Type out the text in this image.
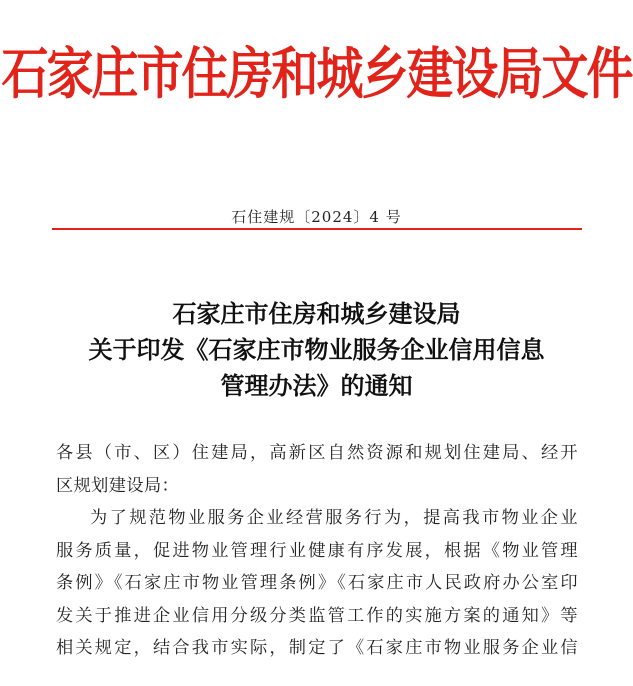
石家庄市住房和城乡建设局文件
石住建规〔2024〕4 号
石家庄市住房和城乡建设局
关于印发《石家庄市物业服务企业信用信息
管理办法》的通知
各县（市、区）住建局，高新区自然资源和规划住建局、经开
区规划建设局：
为了规范物业服务企业经营服务行为，提高我市物业企业
服务质量，促进物业管理行业健康有序发展，根据《物业管理
条例》《石家庄市物业管理条例》《石家庄市人民政府办公室印
发关于推进企业信用分级分类监管工作的实施方案的通知》等
相关规定，结合我市实际，制定了《石家庄市物业服务企业信
